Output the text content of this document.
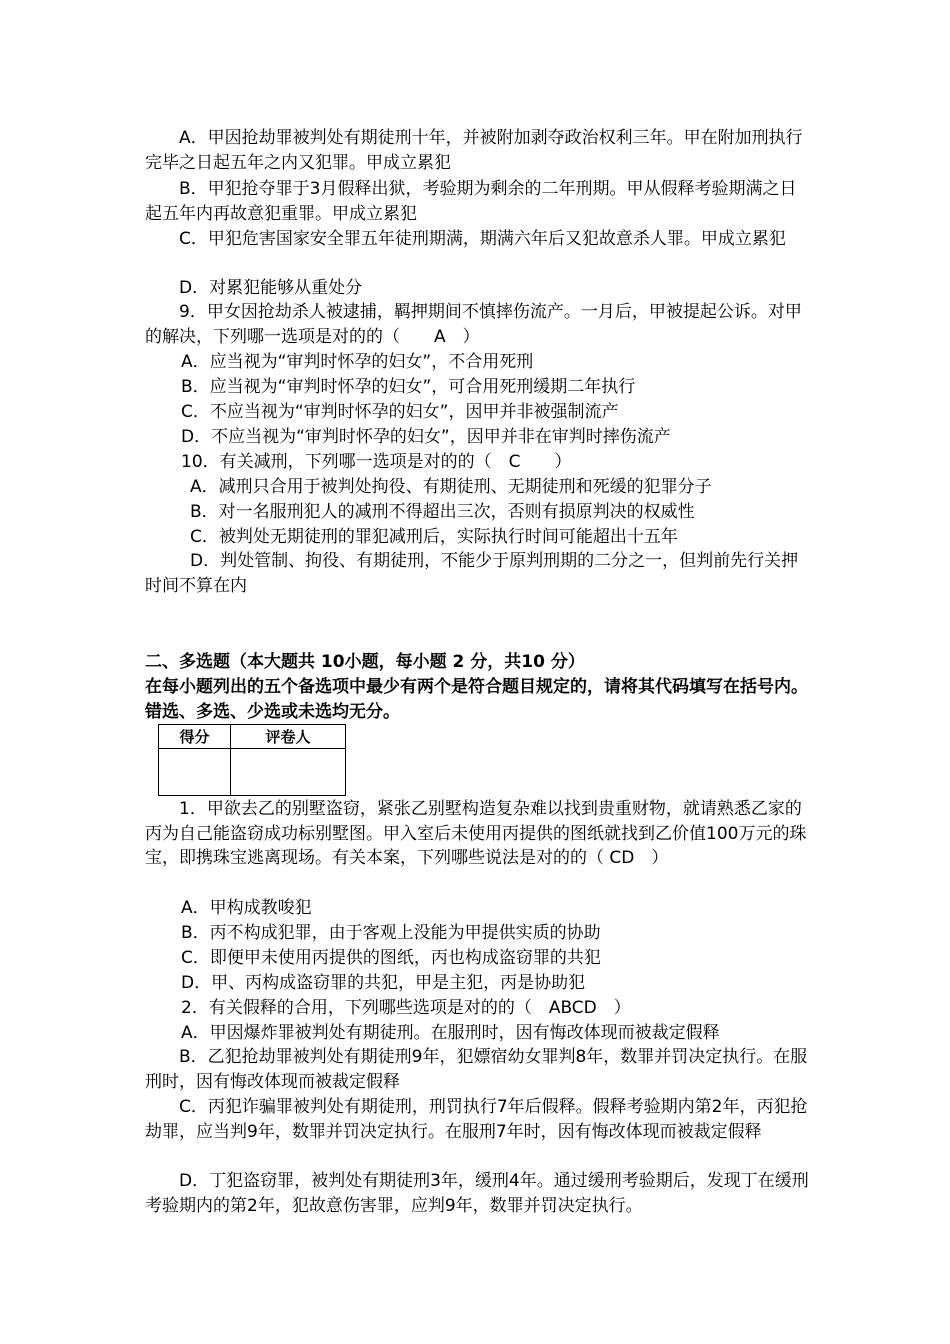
A．甲因抢劫罪被判处有期徒刑十年，并被附加剥夺政治权利三年。甲在附加刑执行完毕之日起五年之内又犯罪。甲成立累犯
B．甲犯抢夺罪于3月假释出狱，考验期为剩余的二年刑期。甲从假释考验期满之日起五年内再故意犯重罪。甲成立累犯
C．甲犯危害国家安全罪五年徒刑期满，期满六年后又犯故意杀人罪。甲成立累犯
D．对累犯能够从重处分
9．甲女因抢劫杀人被逮捕，羁押期间不慎摔伤流产。一月后，甲被提起公诉。对甲的解决，下列哪一选项是对的的（　　A　）
A．应当视为“审判时怀孕的妇女”，不合用死刑
B．应当视为“审判时怀孕的妇女”，可合用死刑缓期二年执行
C．不应当视为“审判时怀孕的妇女”，因甲并非被强制流产
D．不应当视为“审判时怀孕的妇女”，因甲并非在审判时摔伤流产
10．有关减刑，下列哪一选项是对的的（　C　　）
A．减刑只合用于被判处拘役、有期徒刑、无期徒刑和死缓的犯罪分子
B．对一名服刑犯人的减刑不得超出三次，否则有损原判决的权威性
C．被判处无期徒刑的罪犯减刑后，实际执行时间可能超出十五年
D．判处管制、拘役、有期徒刑，不能少于原判刑期的二分之一，但判前先行关押时间不算在内
二、多选题（本大题共 10小题，每小题 2 分，共10 分）
在每小题列出的五个备选项中最少有两个是符合题目规定的，请将其代码填写在括号内。错选、多选、少选或未选均无分。
得分	评卷人

1．甲欲去乙的别墅盗窃，紧张乙别墅构造复杂难以找到贵重财物，就请熟悉乙家的丙为自己能盗窃成功标别墅图。甲入室后未使用丙提供的图纸就找到乙价值100万元的珠宝，即携珠宝逃离现场。有关本案，下列哪些说法是对的的（ CD　）
A．甲构成教唆犯
B．丙不构成犯罪，由于客观上没能为甲提供实质的协助
C．即便甲未使用丙提供的图纸，丙也构成盗窃罪的共犯
D．甲、丙构成盗窃罪的共犯，甲是主犯，丙是协助犯
2．有关假释的合用，下列哪些选项是对的的（　ABCD　）
A．甲因爆炸罪被判处有期徒刑。在服刑时，因有悔改体现而被裁定假释
B．乙犯抢劫罪被判处有期徒刑9年，犯嫖宿幼女罪判8年，数罪并罚决定执行。在服刑时，因有悔改体现而被裁定假释
C．丙犯诈骗罪被判处有期徒刑，刑罚执行7年后假释。假释考验期内第2年，丙犯抢劫罪，应当判9年，数罪并罚决定执行。在服刑7年时，因有悔改体现而被裁定假释
D．丁犯盗窃罪，被判处有期徒刑3年，缓刑4年。通过缓刑考验期后，发现丁在缓刑考验期内的第2年，犯故意伤害罪，应判9年，数罪并罚决定执行。
